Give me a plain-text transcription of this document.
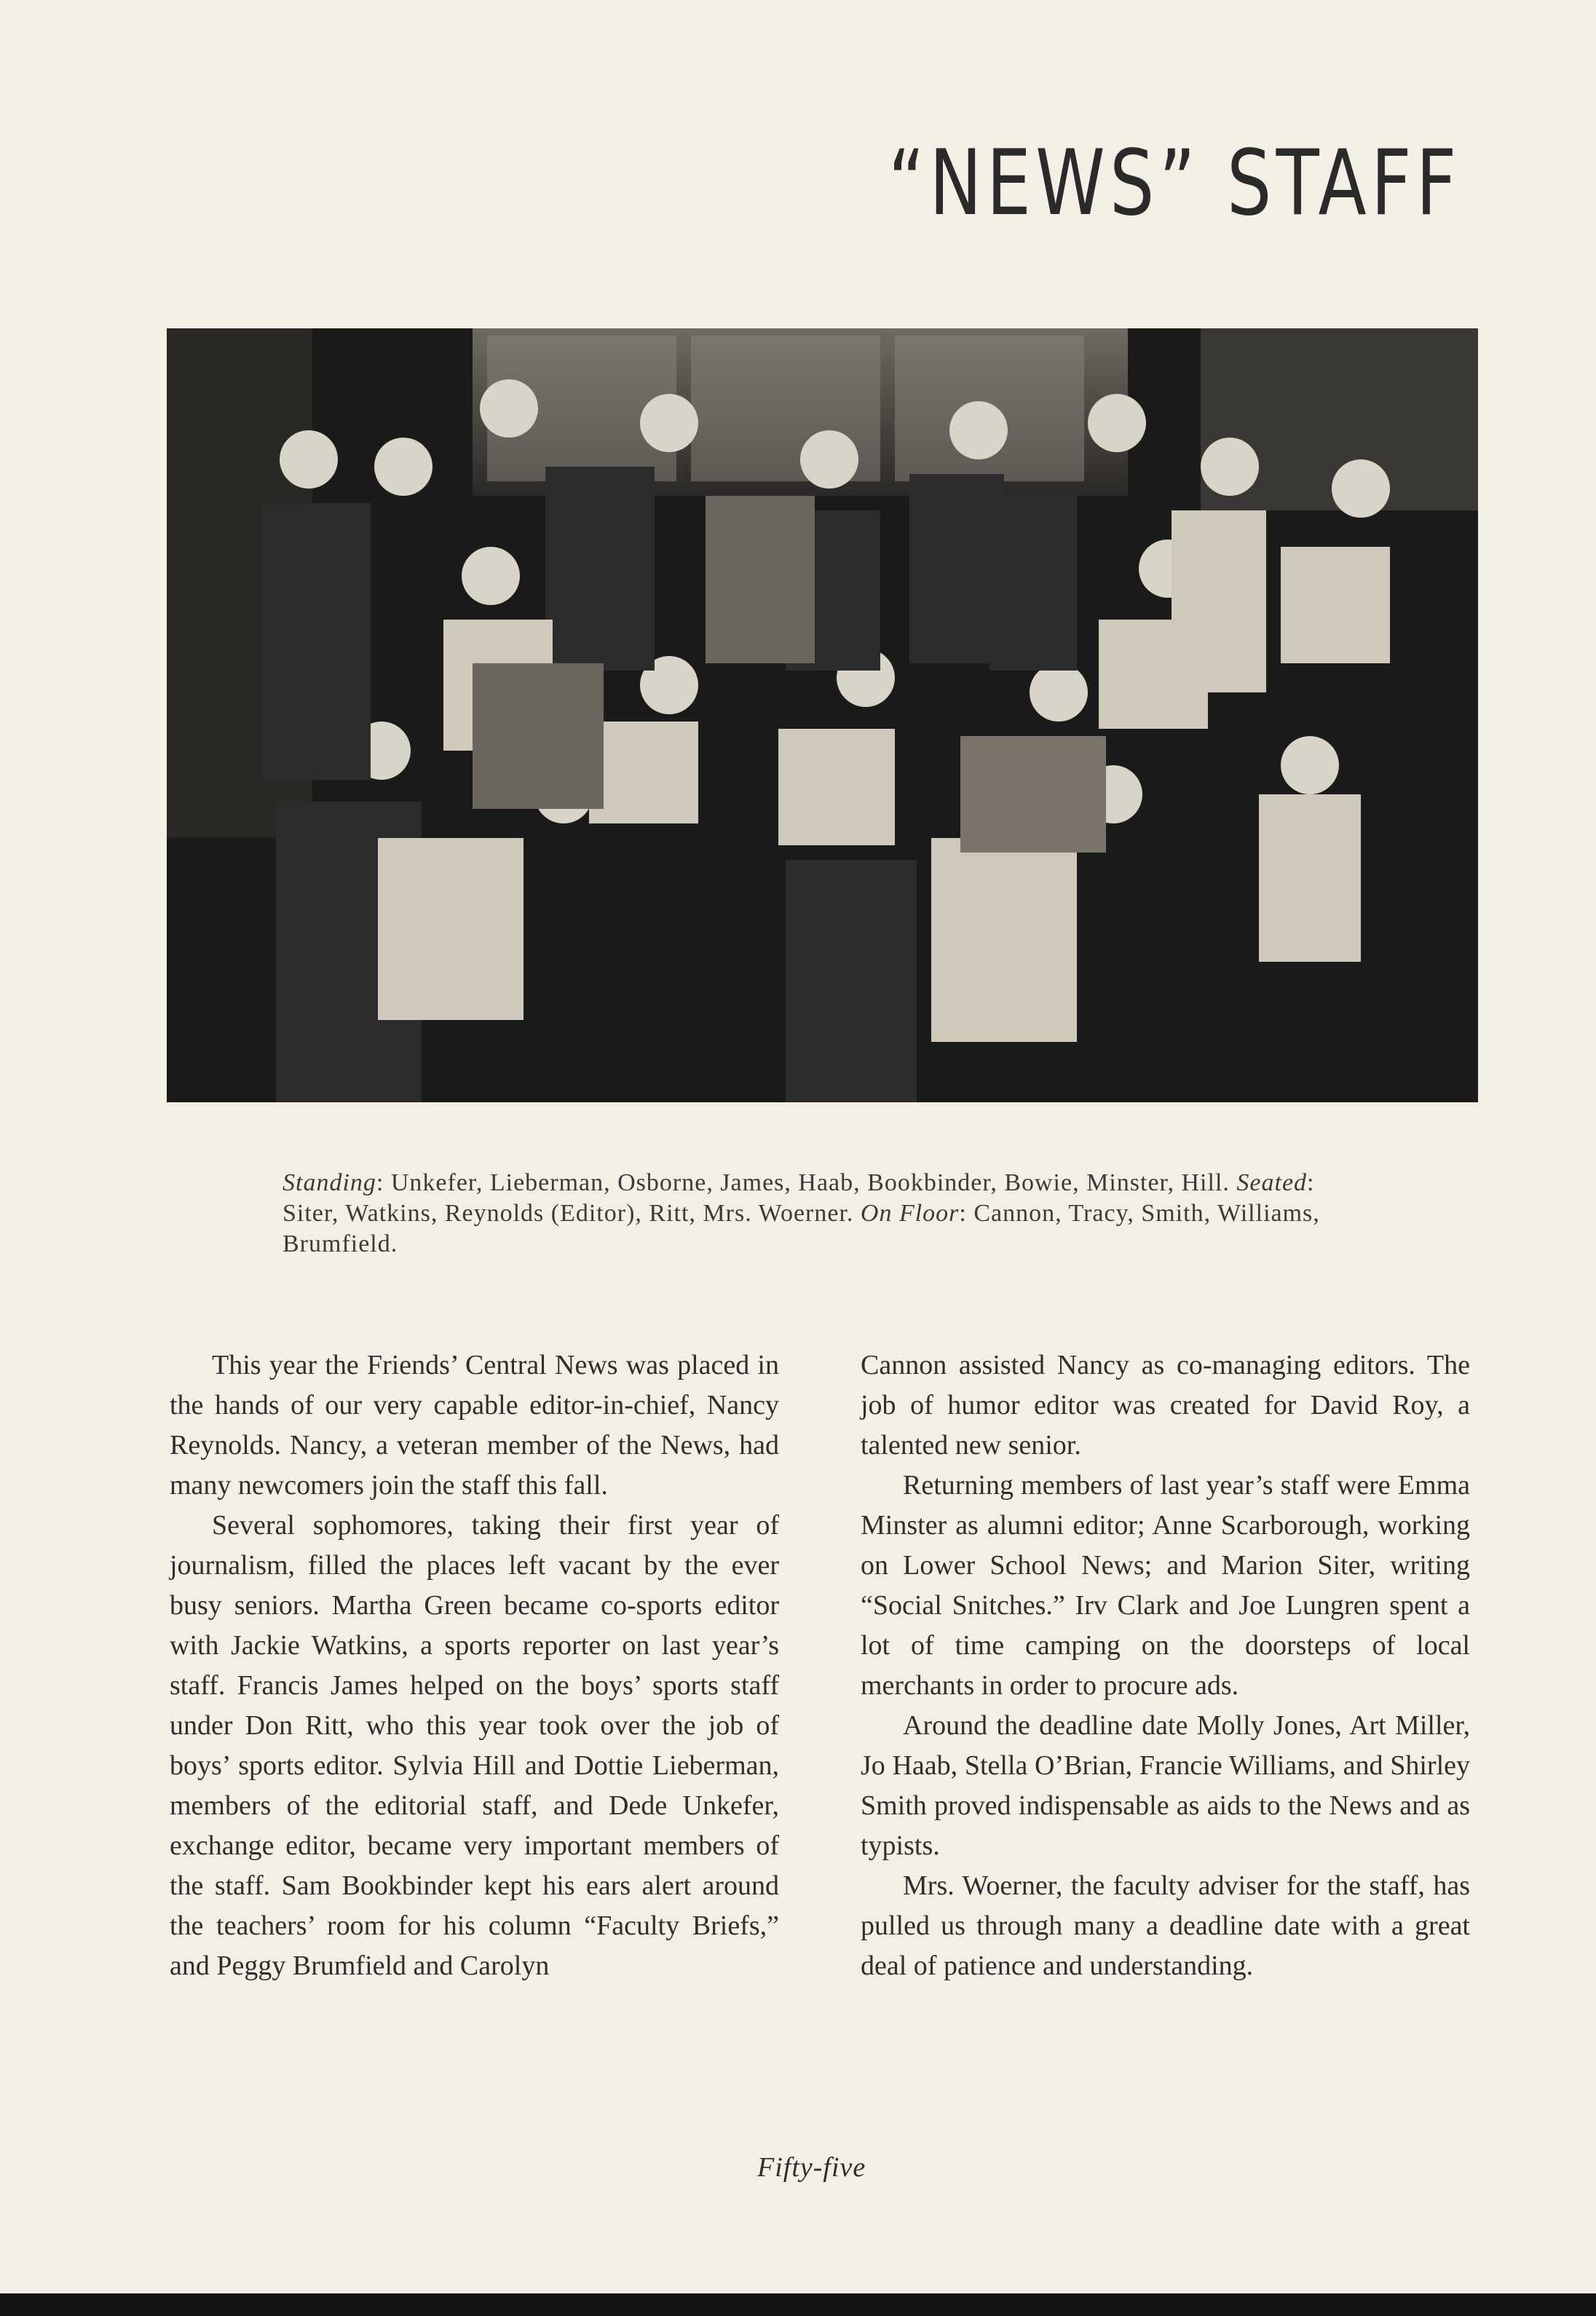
“NEWS” STAFF
Standing: Unkefer, Lieberman, Osborne, James, Haab, Bookbinder, Bowie, Minster, Hill. Seated: Siter, Watkins, Reynolds (Editor), Ritt, Mrs. Woerner. On Floor: Cannon, Tracy, Smith, Williams, Brumfield.

This year the Friends’ Central News was placed in the hands of our very capable editor-in-chief, Nancy Reynolds. Nancy, a veteran member of the News, had many newcomers join the staff this fall.

Several sophomores, taking their first year of journalism, filled the places left vacant by the ever busy seniors. Martha Green became co-sports editor with Jackie Watkins, a sports reporter on last year’s staff. Francis James helped on the boys’ sports staff under Don Ritt, who this year took over the job of boys’ sports editor. Sylvia Hill and Dottie Lieberman, members of the editorial staff, and Dede Unkefer, exchange editor, became very important members of the staff. Sam Bookbinder kept his ears alert around the teachers’ room for his column “Faculty Briefs,” and Peggy Brumfield and Carolyn

Cannon assisted Nancy as co-managing editors. The job of humor editor was created for David Roy, a talented new senior.

Returning members of last year’s staff were Emma Minster as alumni editor; Anne Scarborough, working on Lower School News; and Marion Siter, writing “Social Snitches.” Irv Clark and Joe Lungren spent a lot of time camping on the doorsteps of local merchants in order to procure ads.

Around the deadline date Molly Jones, Art Miller, Jo Haab, Stella O’Brian, Francie Williams, and Shirley Smith proved indispensable as aids to the News and as typists.

Mrs. Woerner, the faculty adviser for the staff, has pulled us through many a deadline date with a great deal of patience and understanding.

Fifty-five
